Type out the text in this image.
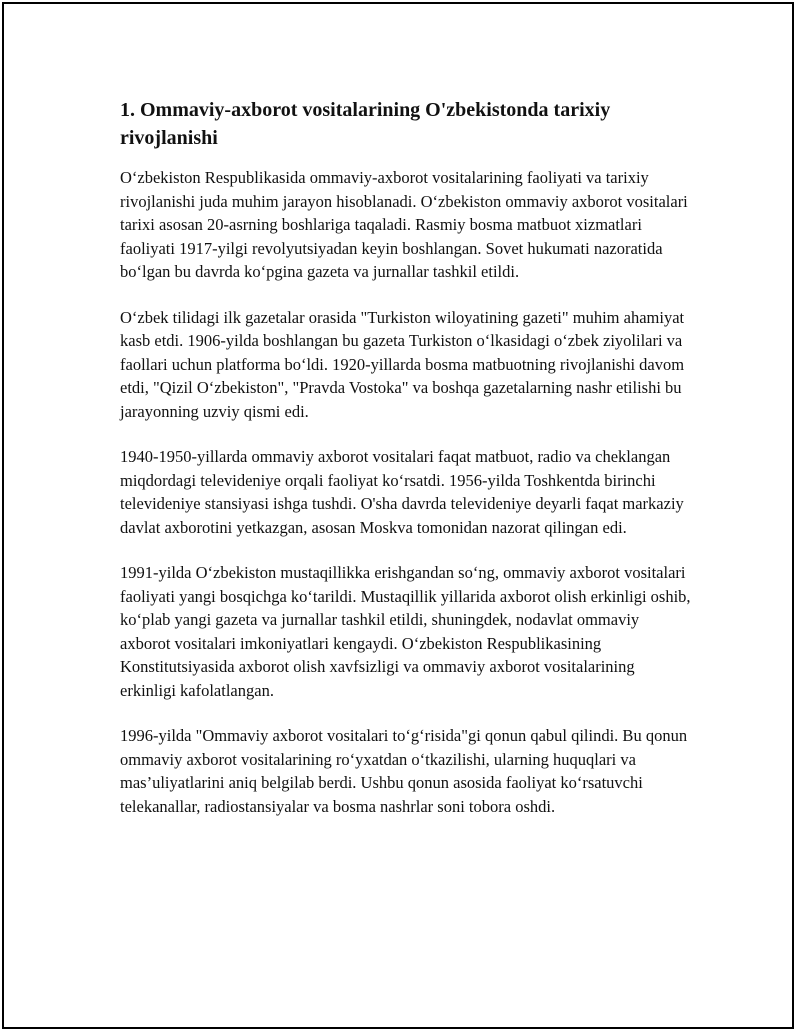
1. Ommaviy-axborot vositalarining O'zbekistonda tarixiy rivojlanishi

O‘zbekiston Respublikasida ommaviy-axborot vositalarining faoliyati va tarixiy rivojlanishi juda muhim jarayon hisoblanadi. O‘zbekiston ommaviy axborot vositalari tarixi asosan 20-asrning boshlariga taqaladi. Rasmiy bosma matbuot xizmatlari faoliyati 1917-yilgi revolyutsiyadan keyin boshlangan. Sovet hukumati nazoratida bo‘lgan bu davrda ko‘pgina gazeta va jurnallar tashkil etildi.

O‘zbek tilidagi ilk gazetalar orasida "Turkiston wiloyatining gazeti" muhim ahamiyat kasb etdi. 1906-yilda boshlangan bu gazeta Turkiston o‘lkasidagi o‘zbek ziyolilari va faollari uchun platforma bo‘ldi. 1920-yillarda bosma matbuotning rivojlanishi davom etdi, "Qizil O‘zbekiston", "Pravda Vostoka" va boshqa gazetalarning nashr etilishi bu jarayonning uzviy qismi edi.

1940-1950-yillarda ommaviy axborot vositalari faqat matbuot, radio va cheklangan miqdordagi televideniye orqali faoliyat ko‘rsatdi. 1956-yilda Toshkentda birinchi televideniye stansiyasi ishga tushdi. O'sha davrda televideniye deyarli faqat markaziy davlat axborotini yetkazgan, asosan Moskva tomonidan nazorat qilingan edi.

1991-yilda O‘zbekiston mustaqillikka erishgandan so‘ng, ommaviy axborot vositalari faoliyati yangi bosqichga ko‘tarildi. Mustaqillik yillarida axborot olish erkinligi oshib, ko‘plab yangi gazeta va jurnallar tashkil etildi, shuningdek, nodavlat ommaviy axborot vositalari imkoniyatlari kengaydi. O‘zbekiston Respublikasining Konstitutsiyasida axborot olish xavfsizligi va ommaviy axborot vositalarining erkinligi kafolatlangan.

1996-yilda "Ommaviy axborot vositalari to‘g‘risida"gi qonun qabul qilindi. Bu qonun ommaviy axborot vositalarining ro‘yxatdan o‘tkazilishi, ularning huquqlari va mas’uliyatlarini aniq belgilab berdi. Ushbu qonun asosida faoliyat ko‘rsatuvchi telekanallar, radiostansiyalar va bosma nashrlar soni tobora oshdi.
